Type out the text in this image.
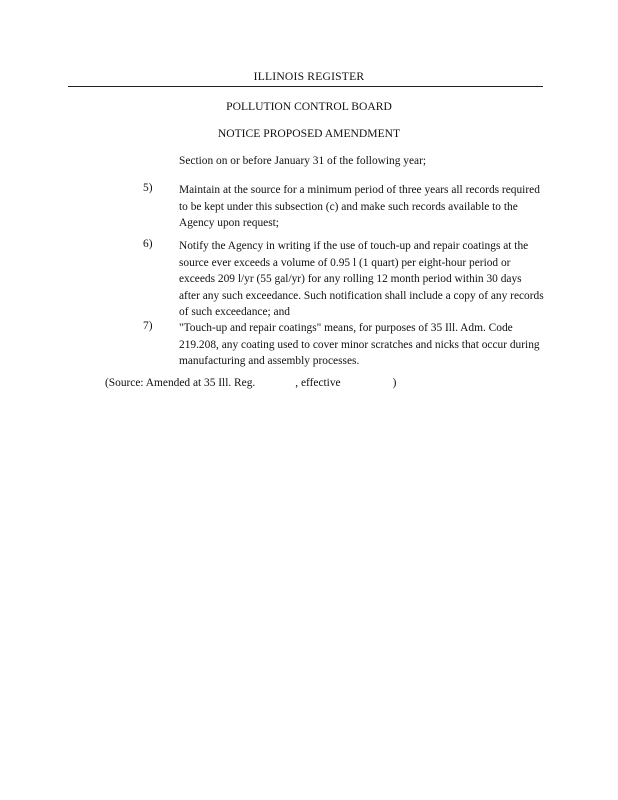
ILLINOIS REGISTER
POLLUTION CONTROL BOARD
NOTICE PROPOSED AMENDMENT
Section on or before January 31 of the following year;
5) Maintain at the source for a minimum period of three years all records required to be kept under this subsection (c) and make such records available to the Agency upon request;
6) Notify the Agency in writing if the use of touch-up and repair coatings at the source ever exceeds a volume of 0.95 l (1 quart) per eight-hour period or exceeds 209 l/yr (55 gal/yr) for any rolling 12 month period within 30 days after any such exceedance. Such notification shall include a copy of any records of such exceedance; and
7) "Touch-up and repair coatings" means, for purposes of 35 Ill. Adm. Code 219.208, any coating used to cover minor scratches and nicks that occur during manufacturing and assembly processes.
(Source: Amended at 35 Ill. Reg.	, effective	)
